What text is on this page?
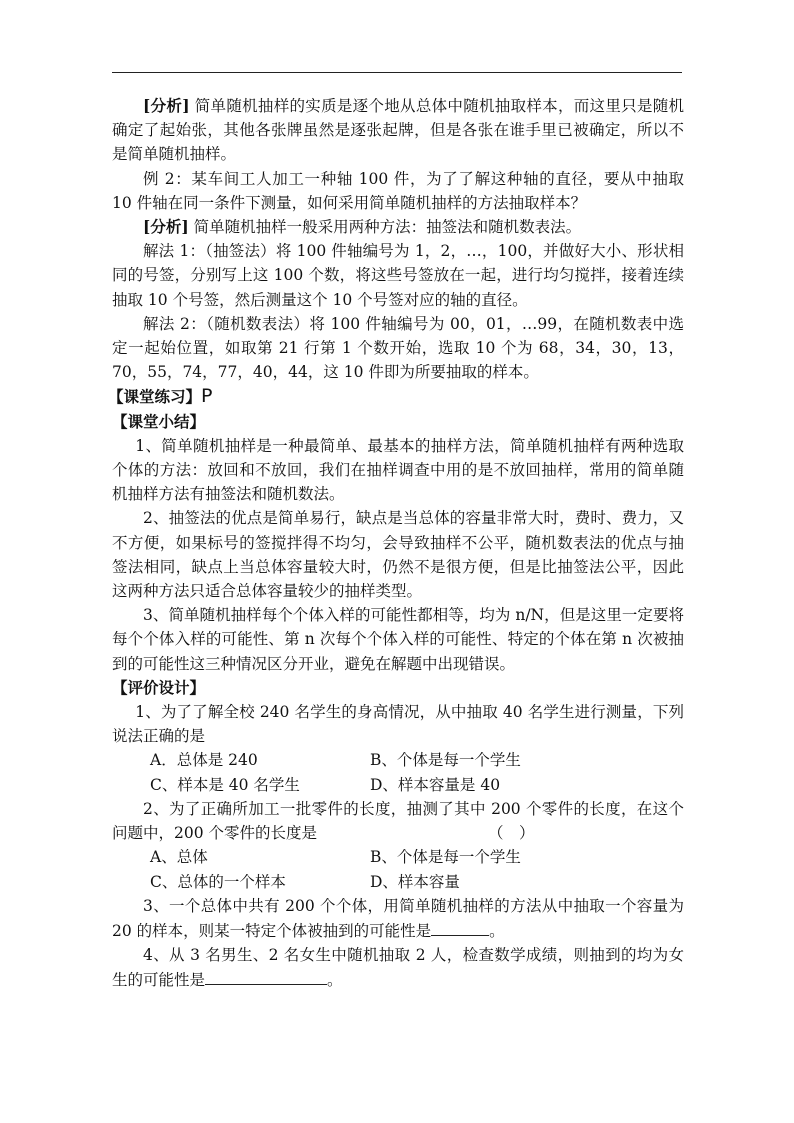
[分析] 简单随机抽样的实质是逐个地从总体中随机抽取样本，而这里只是随机确定了起始张，其他各张牌虽然是逐张起牌，但是各张在谁手里已被确定，所以不是简单随机抽样。

例 2：某车间工人加工一种轴 100 件，为了了解这种轴的直径，要从中抽取 10 件轴在同一条件下测量，如何采用简单随机抽样的方法抽取样本？

[分析] 简单随机抽样一般采用两种方法：抽签法和随机数表法。

解法 1：（抽签法）将 100 件轴编号为 1，2，…，100，并做好大小、形状相同的号签，分别写上这 100 个数，将这些号签放在一起，进行均匀搅拌，接着连续抽取 10 个号签，然后测量这个 10 个号签对应的轴的直径。

解法 2：（随机数表法）将 100 件轴编号为 00，01，…99，在随机数表中选定一起始位置，如取第 21 行第 1 个数开始，选取 10 个为 68，34，30，13，70，55，74，77，40，44，这 10 件即为所要抽取的样本。

【课堂练习】P

【课堂小结】

1、简单随机抽样是一种最简单、最基本的抽样方法，简单随机抽样有两种选取个体的方法：放回和不放回，我们在抽样调查中用的是不放回抽样，常用的简单随机抽样方法有抽签法和随机数法。

2、抽签法的优点是简单易行，缺点是当总体的容量非常大时，费时、费力，又不方便，如果标号的签搅拌得不均匀，会导致抽样不公平，随机数表法的优点与抽签法相同，缺点上当总体容量较大时，仍然不是很方便，但是比抽签法公平，因此这两种方法只适合总体容量较少的抽样类型。

3、简单随机抽样每个个体入样的可能性都相等，均为 n/N，但是这里一定要将每个个体入样的可能性、第 n 次每个个体入样的可能性、特定的个体在第 n 次被抽到的可能性这三种情况区分开业，避免在解题中出现错误。

【评价设计】

1、为了了解全校 240 名学生的身高情况，从中抽取 40 名学生进行测量，下列说法正确的是

A．总体是 240	B、个体是每一个学生
C、样本是 40 名学生	D、样本容量是 40

2、为了正确所加工一批零件的长度，抽测了其中 200 个零件的长度，在这个问题中，200 个零件的长度是	（　）

A、总体	B、个体是每一个学生
C、总体的一个样本	D、样本容量

3、一个总体中共有 200 个个体，用简单随机抽样的方法从中抽取一个容量为 20 的样本，则某一特定个体被抽到的可能性是	。

4、从 3 名男生、2 名女生中随机抽取 2 人，检查数学成绩，则抽到的均为女生的可能性是	。
